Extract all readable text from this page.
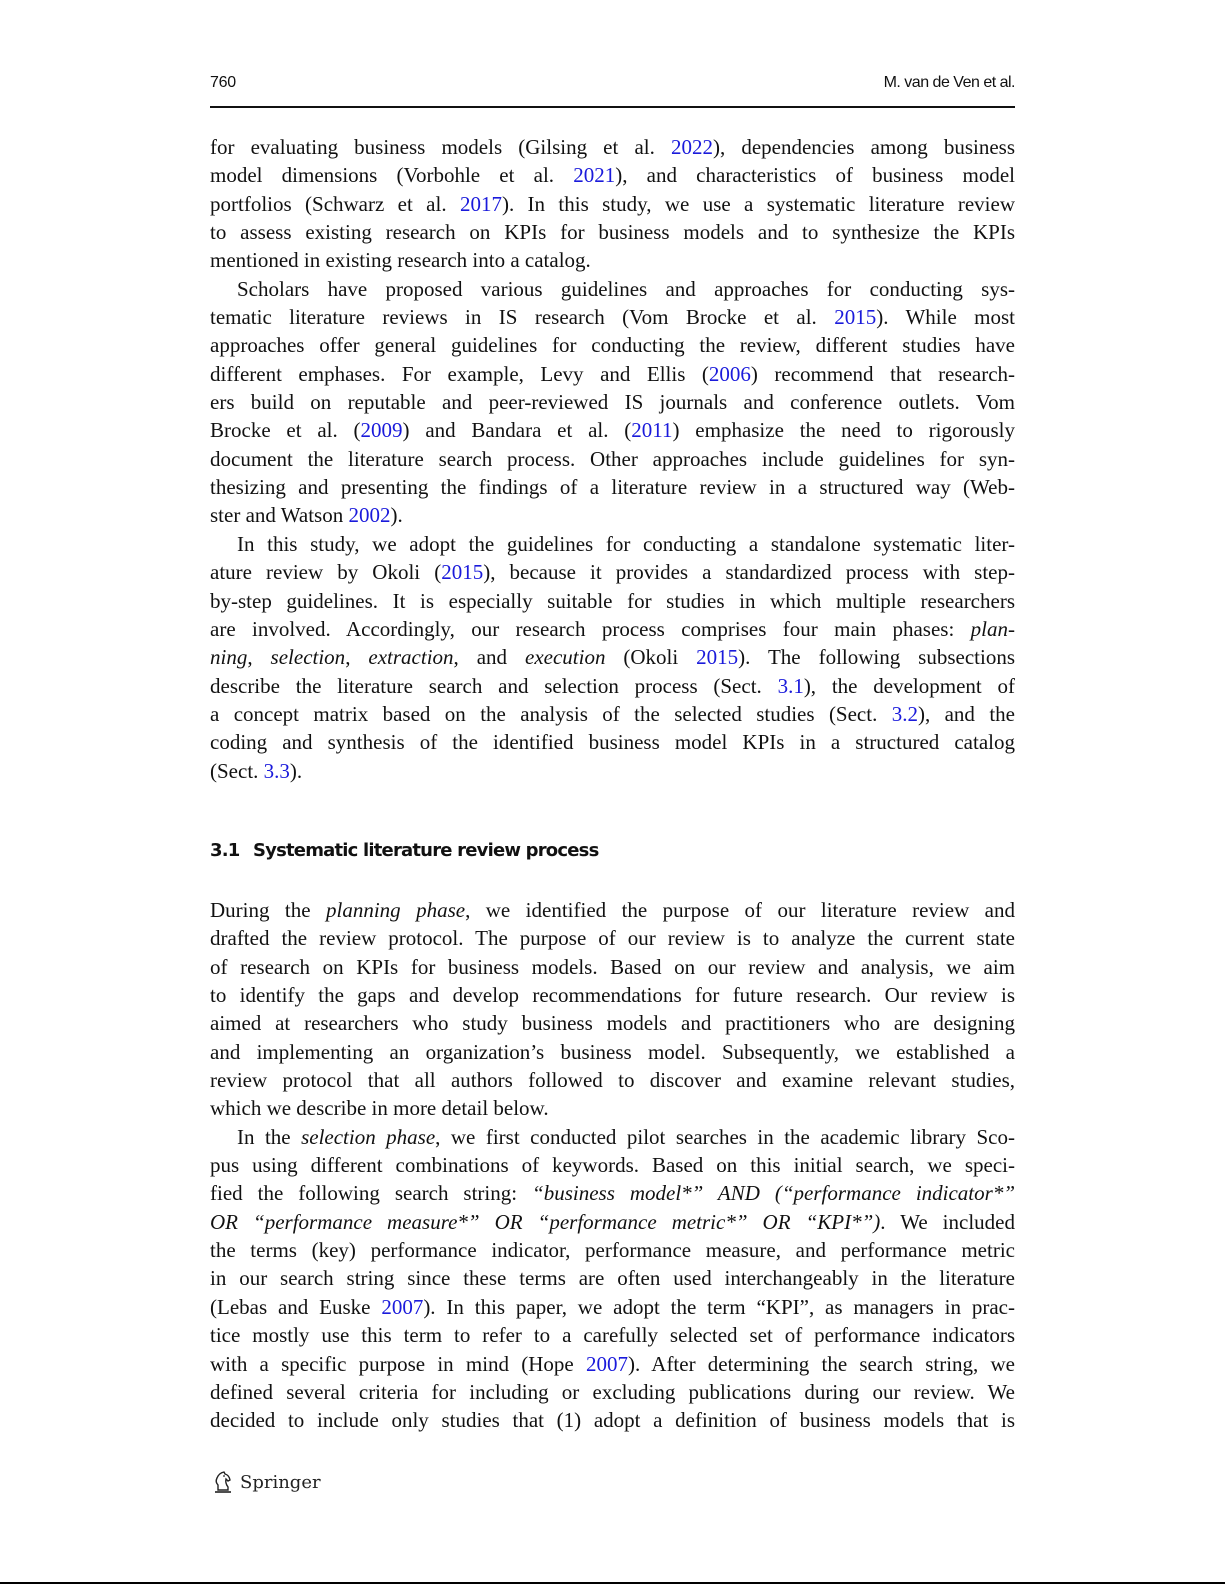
760	M. van de Ven et al.
for evaluating business models (Gilsing et al. 2022), dependencies among business
model dimensions (Vorbohle et al. 2021), and characteristics of business model
portfolios (Schwarz et al. 2017). In this study, we use a systematic literature review
to assess existing research on KPIs for business models and to synthesize the KPIs
mentioned in existing research into a catalog.
Scholars have proposed various guidelines and approaches for conducting sys-
tematic literature reviews in IS research (Vom Brocke et al. 2015). While most
approaches offer general guidelines for conducting the review, different studies have
different emphases. For example, Levy and Ellis (2006) recommend that research-
ers build on reputable and peer-reviewed IS journals and conference outlets. Vom
Brocke et al. (2009) and Bandara et al. (2011) emphasize the need to rigorously
document the literature search process. Other approaches include guidelines for syn-
thesizing and presenting the findings of a literature review in a structured way (Web-
ster and Watson 2002).
In this study, we adopt the guidelines for conducting a standalone systematic liter-
ature review by Okoli (2015), because it provides a standardized process with step-
by-step guidelines. It is especially suitable for studies in which multiple researchers
are involved. Accordingly, our research process comprises four main phases: plan-
ning, selection, extraction, and execution (Okoli 2015). The following subsections
describe the literature search and selection process (Sect. 3.1), the development of
a concept matrix based on the analysis of the selected studies (Sect. 3.2), and the
coding and synthesis of the identified business model KPIs in a structured catalog
(Sect. 3.3).
3.1 Systematic literature review process
During the planning phase, we identified the purpose of our literature review and
drafted the review protocol. The purpose of our review is to analyze the current state
of research on KPIs for business models. Based on our review and analysis, we aim
to identify the gaps and develop recommendations for future research. Our review is
aimed at researchers who study business models and practitioners who are designing
and implementing an organization’s business model. Subsequently, we established a
review protocol that all authors followed to discover and examine relevant studies,
which we describe in more detail below.
In the selection phase, we first conducted pilot searches in the academic library Sco-
pus using different combinations of keywords. Based on this initial search, we speci-
fied the following search string: “business model*” AND (“performance indicator*”
OR “performance measure*” OR “performance metric*” OR “KPI*”). We included
the terms (key) performance indicator, performance measure, and performance metric
in our search string since these terms are often used interchangeably in the literature
(Lebas and Euske 2007). In this paper, we adopt the term “KPI”, as managers in prac-
tice mostly use this term to refer to a carefully selected set of performance indicators
with a specific purpose in mind (Hope 2007). After determining the search string, we
defined several criteria for including or excluding publications during our review. We
decided to include only studies that (1) adopt a definition of business models that is
Springer
